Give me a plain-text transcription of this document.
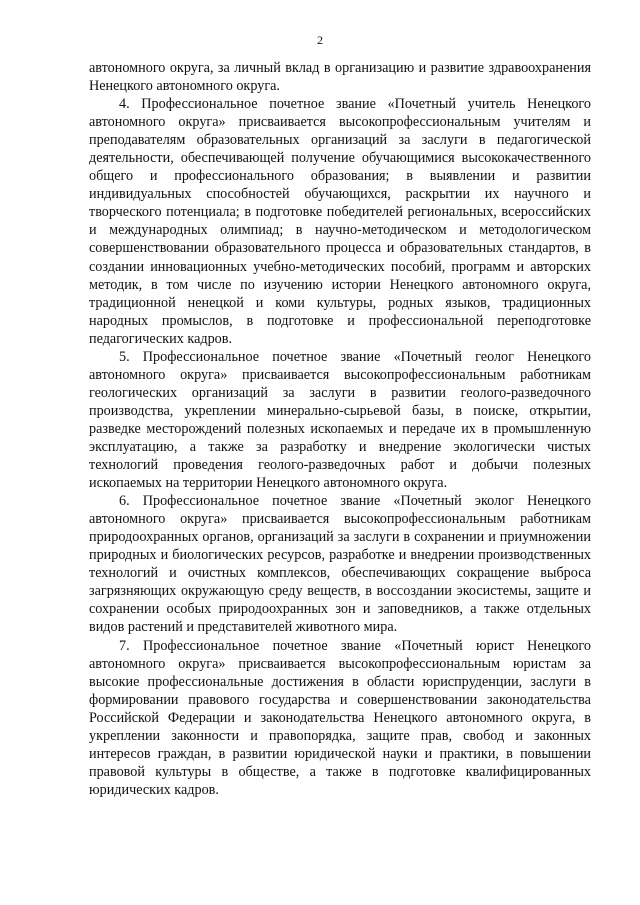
2

автономного округа, за личный вклад в организацию и развитие здравоохранения Ненецкого автономного округа.

4. Профессиональное почетное звание «Почетный учитель Ненецкого автономного округа» присваивается высокопрофессиональным учителям и преподавателям образовательных организаций за заслуги в педагогической деятельности, обеспечивающей получение обучающимися высококачественного общего и профессионального образования; в выявлении и развитии индивидуальных способностей обучающихся, раскрытии их научного и творческого потенциала; в подготовке победителей региональных, всероссийских и международных олимпиад; в научно-методическом и методологическом совершенствовании образовательного процесса и образовательных стандартов, в создании инновационных учебно-методических пособий, программ и авторских методик, в том числе по изучению истории Ненецкого автономного округа, традиционной ненецкой и коми культуры, родных языков, традиционных народных промыслов, в подготовке и профессиональной переподготовке педагогических кадров.

5. Профессиональное почетное звание «Почетный геолог Ненецкого автономного округа» присваивается высокопрофессиональным работникам геологических организаций за заслуги в развитии геолого-разведочного производства, укреплении минерально-сырьевой базы, в поиске, открытии, разведке месторождений полезных ископаемых и передаче их в промышленную эксплуатацию, а также за разработку и внедрение экологически чистых технологий проведения геолого-разведочных работ и добычи полезных ископаемых на территории Ненецкого автономного округа.

6. Профессиональное почетное звание «Почетный эколог Ненецкого автономного округа» присваивается высокопрофессиональным работникам природоохранных органов, организаций за заслуги в сохранении и приумножении природных и биологических ресурсов, разработке и внедрении производственных технологий и очистных комплексов, обеспечивающих сокращение выброса загрязняющих окружающую среду веществ, в воссоздании экосистемы, защите и сохранении особых природоохранных зон и заповедников, а также отдельных видов растений и представителей животного мира.

7. Профессиональное почетное звание «Почетный юрист Ненецкого автономного округа» присваивается высокопрофессиональным юристам за высокие профессиональные достижения в области юриспруденции, заслуги в формировании правового государства и совершенствовании законодательства Российской Федерации и законодательства Ненецкого автономного округа, в укреплении законности и правопорядка, защите прав, свобод и законных интересов граждан, в развитии юридической науки и практики, в повышении правовой культуры в обществе, а также в подготовке квалифицированных юридических кадров.
